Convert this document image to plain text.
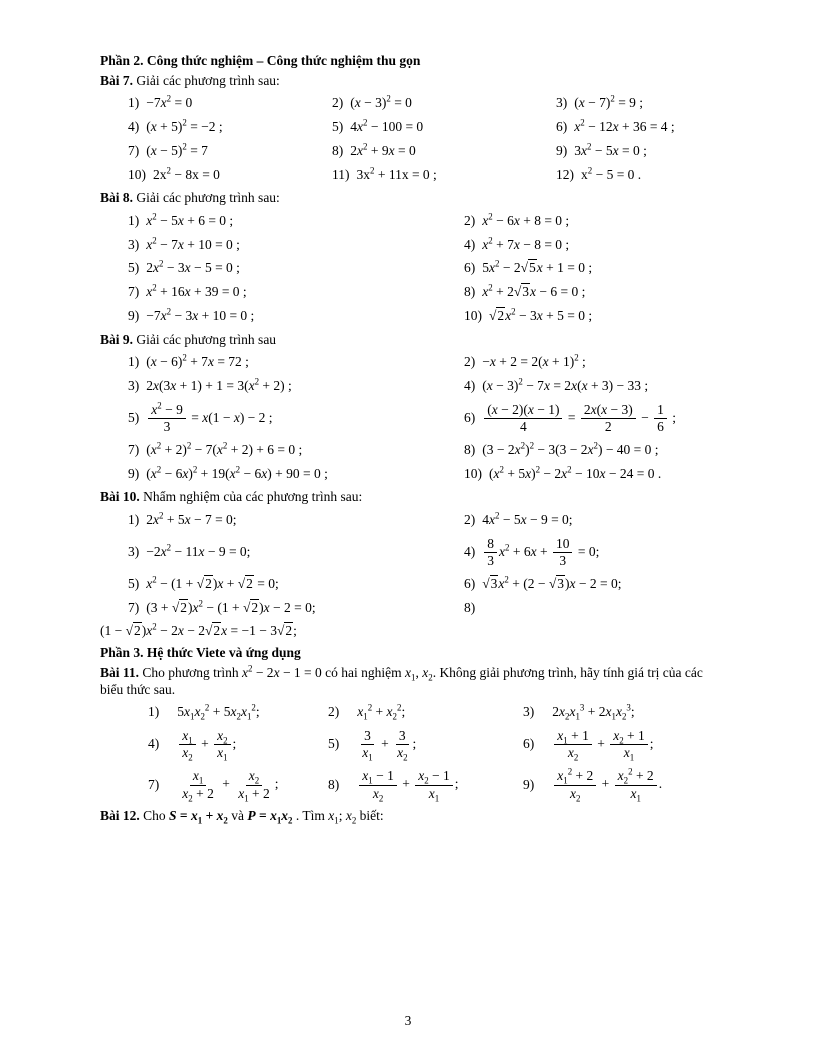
Phần 2. Công thức nghiệm – Công thức nghiệm thu gọn

Bài 7. Giải các phương trình sau:

$1) -7x^2 = 0$	2) $(x - 3)^2 = 0$	3) $(x - 7)^2 = 9$ ;
4) $(x + 5)^2 = -2$ ;	5) $4x^2 - 100 = 0$	6) $x^2 - 12x + 36 = 4$ ;
7) $(x - 5)^2 = 7$	8) $2x^2 + 9x = 0$	9) $3x^2 - 5x = 0$ ;
10) $2x^2 - 8x = 0$	11) $3x^2 + 11x = 0$ ;	12) $x^2 - 5 = 0$ .

Bài 8. Giải các phương trình sau:

1) $x^2 - 5x + 6 = 0$ ;	2) $x^2 - 6x + 8 = 0$ ;
3) $x^2 - 7x + 10 = 0$ ;	4) $x^2 + 7x - 8 = 0$ ;
5) $2x^2 - 3x - 5 = 0$ ;	6) $5x^2 - 2√5x + 1 = 0$ ;
7) $x^2 + 16x + 39 = 0$ ;	8) $x^2 + 2√3x - 6 = 0$ ;
$9) -7x^2 - 3x + 10 = 0$ ;	10) $√2x^2 - 3x + 5 = 0$ ;

Bài 9. Giải các phương trình sau

1) $(x - 6)^2 + 7x = 72$ ;	$2) -x + 2 = 2(x + 1)^2$ ;
3) $2x(3x + 1) + 1 = 3(x^2 + 2)$ ;	4) $(x - 3)^2 - 7x = 2x(x + 3) - 33$ ;
$5) \frac{x^2 - 9}{3} = x(1 - x) - 2$ ;	$6) \frac{(x - 2)(x - 1)}{4} = \frac{2x(x - 3)}{2} - \frac{1}{6}$ ;
7) $(x^2 + 2)^2 - 7(x^2 + 2) + 6 = 0$ ;	8) $(3 - 2x^2)^2 - 3(3 - 2x^2) - 40 = 0$ ;
9) $(x^2 - 6x)^2 + 19(x^2 - 6x) + 90 = 0$ ;	10) $(x^2 + 5x)^2 - 2x^2 - 10x - 24 = 0$ .

Bài 10. Nhẩm nghiệm của các phương trình sau:

1) $2x^2 + 5x - 7 = 0$;	2) $4x^2 - 5x - 9 = 0$;
$3) -2x^2 - 11x - 9 = 0$;	$4) \frac{8}{3} x^2 + 6x + \frac{10}{3} = 0$;
5) $x^2 - (1 + √2)x + √2 = 0$;	6) $√3x^2 + (2 - √3)x - 2 = 0$;
7) $(3 + √2)x^2 - (1 + √2)x - 2 = 0$;	8)

$(1 - √2)x^2 - 2x - 2√2x = -1 - 3√2$;

Phần 3. Hệ thức Viete và ứng dụng

Bài 11. Cho phương trình $x^2 - 2x - 1 = 0$ có hai nghiệm $x_1$, $x_2$. Không giải phương trình, hãy tính giá trị của các biểu thức sau.

1) $5x_1x_2^2 + 5x_2x_1^2$;	2) $x_1^2 + x_2^2$;	3) $2x_2x_1^3 + 2x_1x_2^3$;
$4) \frac{x_1}{x_2} + \frac{x_2}{x_1}$ ;	$5) \frac{3}{x_1} + \frac{3}{x_2}$ ;	$6) \frac{x_1 + 1}{x_2} + \frac{x_2 + 1}{x_1}$ ;
$7) \frac{x_1}{x_2 + 2} + \frac{x_2}{x_1 + 2}$ ;	$8) \frac{x_1 - 1}{x_2} + \frac{x_2 - 1}{x_1}$ ;	$9) \frac{x_1^2 + 2}{x_2} + \frac{x_2^2 + 2}{x_1}$ .

Bài 12. Cho $S = x_1 + x_2$ và $P = x_1x_2$ . Tìm $x_1$; $x_2$ biết:

3
